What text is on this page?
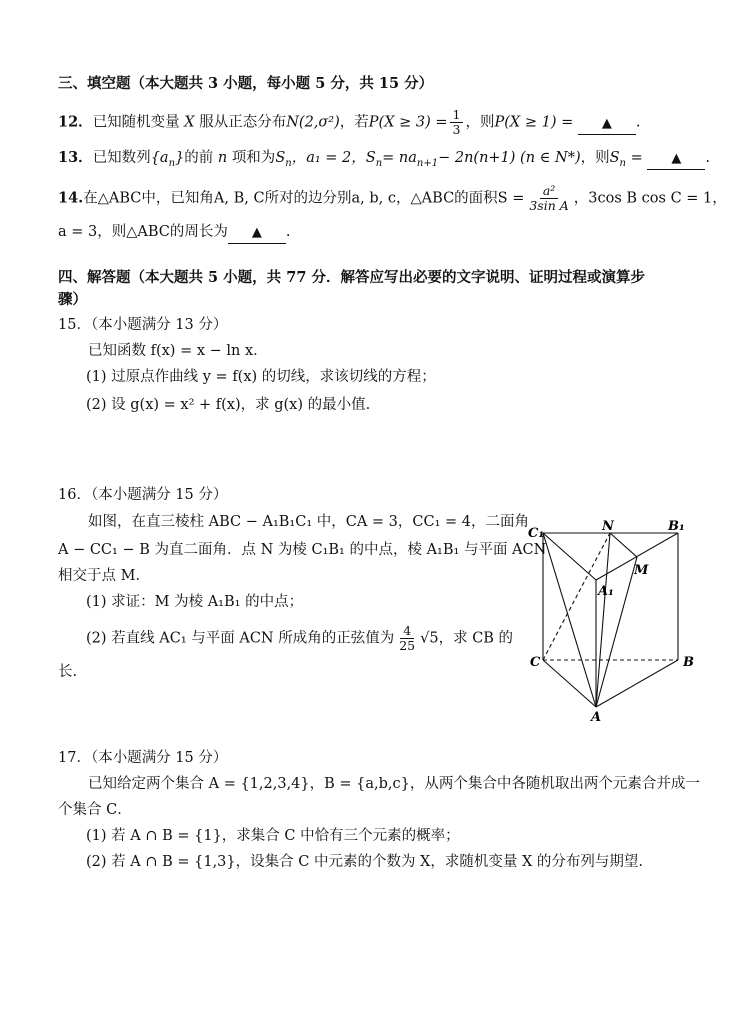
三、填空题（本大题共 3 小题，每小题 5 分，共 15 分）
12．已知随机变量 X 服从正态分布N(2,σ²)，若$P(X \ge 3) = \frac{1}{3}$ ，则P(X ≥ 1) = ▲ .
13．已知数列$\{a_n\}$的前 n 项和为$S_n$，a₁ = 2，$S_n= na_{n+1}- 2n(n+1)$ (n ∈ N*)，则$S_n$ = ▲ .
14.在△ABC中，已知角A, B, C所对的边分别a, b, c，△ABC的面积$S = \frac{\text{a²}}{\text{3sin A}}$ ，3cos B cos C = 1，
a = 3，则△ABC的周长为 ▲ .
四、解答题（本大题共 5 小题，共 77 分．解答应写出必要的文字说明、证明过程或演算步
骤）
15．（本小题满分 13 分）
已知函数 f(x) = x − ln x．
(1) 过原点作曲线 y = f(x) 的切线，求该切线的方程；
(2) 设 g(x) = x² + f(x)，求 g(x) 的最小值.
16．（本小题满分 15 分）
如图，在直三棱柱 ABC − A₁B₁C₁ 中，CA = 3，CC₁ = 4，二面角
A − CC₁ − B 为直二面角．点 N 为棱 C₁B₁ 的中点，棱 A₁B₁ 与平面 ACN
相交于点 M．
(1) 求证：M 为棱 A₁B₁ 的中点；
(2) 若直线 AC₁ 与平面 ACN 所成角的正弦值为 $\frac{4}{25} √5$，求 CB 的
长.
C₁	N	B₁
M
A₁
C	B
A
17．（本小题满分 15 分）
已知给定两个集合 A = {1,2,3,4}，B = {a,b,c}，从两个集合中各随机取出两个元素合并成一
个集合 C．
(1) 若 A ∩ B = {1}，求集合 C 中恰有三个元素的概率；
(2) 若 A ∩ B = {1,3}，设集合 C 中元素的个数为 X，求随机变量 X 的分布列与期望.
